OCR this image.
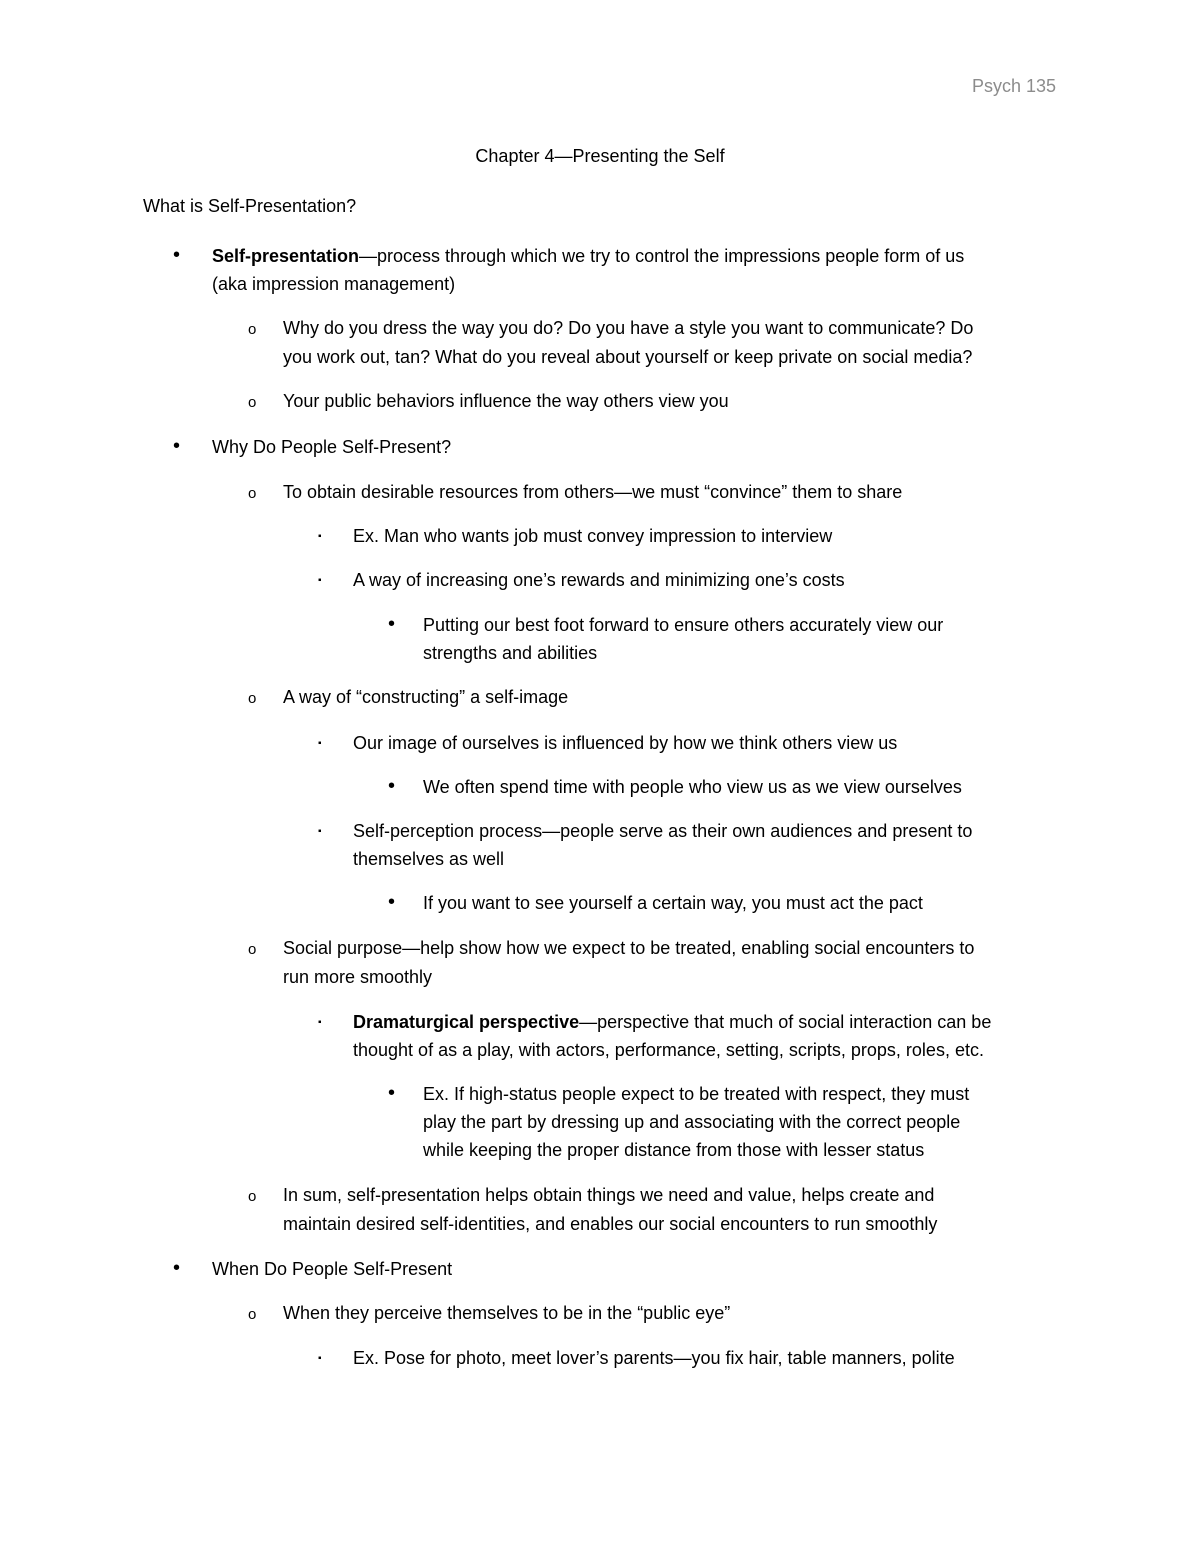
Psych 135
Chapter 4—Presenting the Self
What is Self-Presentation?
• Self-presentation—process through which we try to control the impressions people form of us
(aka impression management)
o Why do you dress the way you do? Do you have a style you want to communicate? Do
you work out, tan? What do you reveal about yourself or keep private on social media?
o Your public behaviors influence the way others view you
• Why Do People Self-Present?
o To obtain desirable resources from others—we must “convince” them to share
▪ Ex. Man who wants job must convey impression to interview
▪ A way of increasing one’s rewards and minimizing one’s costs
• Putting our best foot forward to ensure others accurately view our
strengths and abilities
o A way of “constructing” a self-image
▪ Our image of ourselves is influenced by how we think others view us
• We often spend time with people who view us as we view ourselves
▪ Self-perception process—people serve as their own audiences and present to
themselves as well
• If you want to see yourself a certain way, you must act the pact
o Social purpose—help show how we expect to be treated, enabling social encounters to
run more smoothly
▪ Dramaturgical perspective—perspective that much of social interaction can be
thought of as a play, with actors, performance, setting, scripts, props, roles, etc.
• Ex. If high-status people expect to be treated with respect, they must
play the part by dressing up and associating with the correct people
while keeping the proper distance from those with lesser status
o In sum, self-presentation helps obtain things we need and value, helps create and
maintain desired self-identities, and enables our social encounters to run smoothly
• When Do People Self-Present
o When they perceive themselves to be in the “public eye”
▪ Ex. Pose for photo, meet lover’s parents—you fix hair, table manners, polite
